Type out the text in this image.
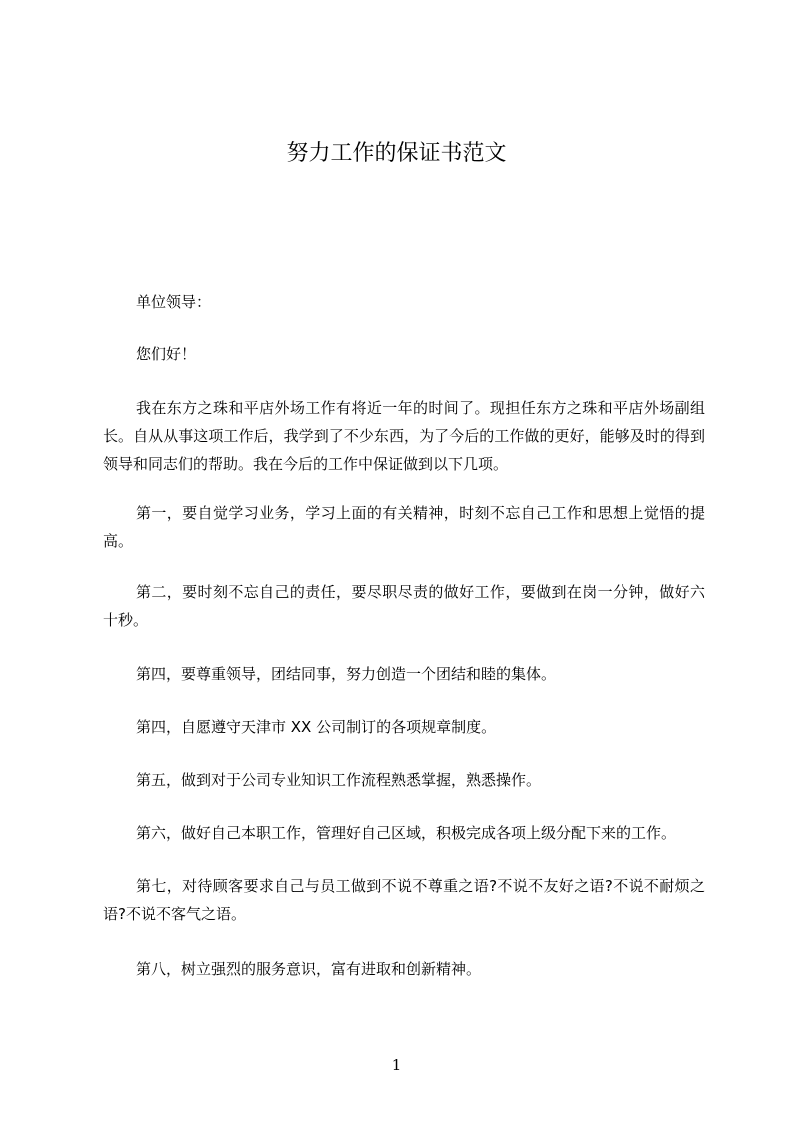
努力工作的保证书范文

单位领导：

您们好！

我在东方之珠和平店外场工作有将近一年的时间了。现担任东方之珠和平店外场副组长。自从从事这项工作后，我学到了不少东西，为了今后的工作做的更好，能够及时的得到领导和同志们的帮助。我在今后的工作中保证做到以下几项。

第一，要自觉学习业务，学习上面的有关精神，时刻不忘自己工作和思想上觉悟的提高。

第二，要时刻不忘自己的责任，要尽职尽责的做好工作，要做到在岗一分钟，做好六十秒。

第四，要尊重领导，团结同事，努力创造一个团结和睦的集体。

第四，自愿遵守天津市 XX 公司制订的各项规章制度。

第五，做到对于公司专业知识工作流程熟悉掌握，熟悉操作。

第六，做好自己本职工作，管理好自己区域，积极完成各项上级分配下来的工作。

第七，对待顾客要求自己与员工做到不说不尊重之语?不说不友好之语?不说不耐烦之语?不说不客气之语。

第八，树立强烈的服务意识，富有进取和创新精神。

1
